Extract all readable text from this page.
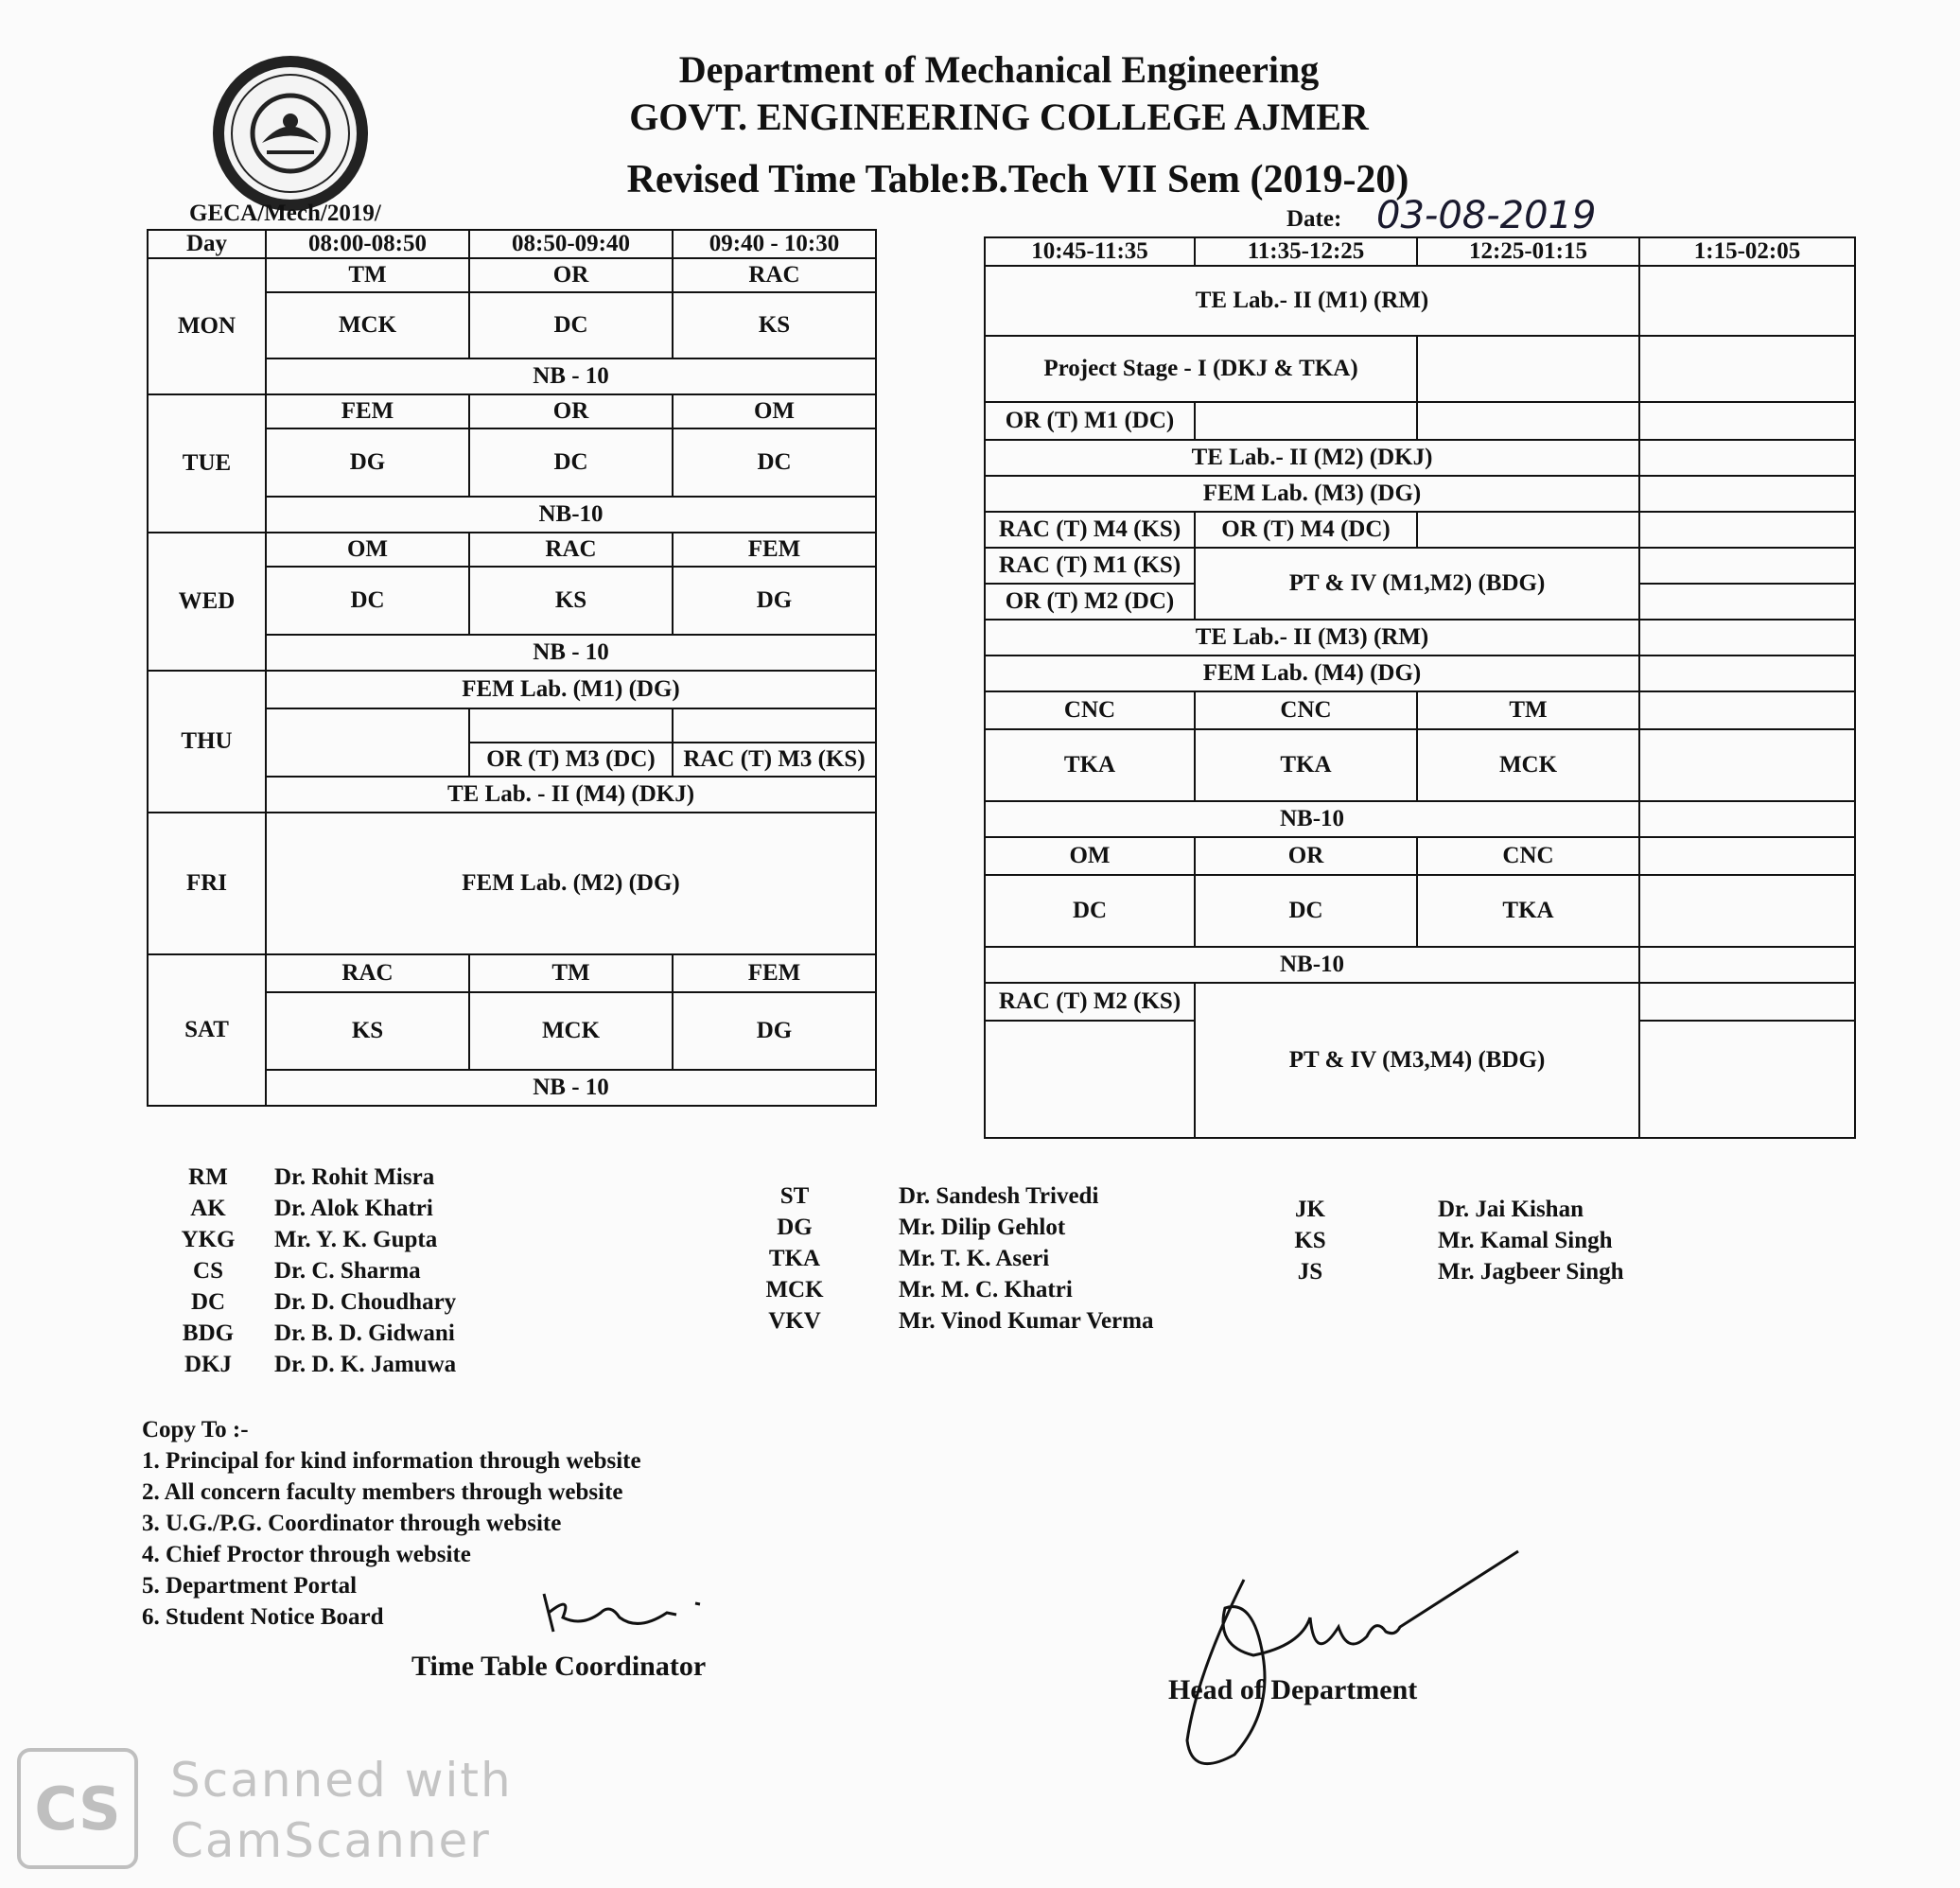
Department of Mechanical Engineering
GOVT. ENGINEERING COLLEGE AJMER
Revised Time Table:B.Tech VII Sem (2019-20)
GECA/Mech/2019/	Date: 03-08-2019
Day	08:00-08:50	08:50-09:40	09:40 - 10:30	
MON	TM	OR	RAC	
	MCK	DC	KS	
	NB - 10			
TUE	FEM	OR	OM	
	DG	DC	DC	
	NB-10			
WED	OM	RAC	FEM	
	DC	KS	DG	
	NB - 10			
THU	FEM Lab. (M1) (DG)			

		OR (T) M3 (DC)	RAC (T) M3 (KS)	
	TE Lab. - II (M4) (DKJ)			
FRI	FEM Lab. (M2) (DG)			
SAT	RAC	TM	FEM	
	KS	MCK	DG	
	NB - 10			
10:45-11:35	11:35-12:25	12:25-01:15	1:15-02:05
TE Lab.- II (M1) (RM)			
Project Stage - I (DKJ & TKA)			
OR (T) M1 (DC)			
TE Lab.- II (M2) (DKJ)			
FEM Lab. (M3) (DG)			
RAC (T) M4 (KS)	OR (T) M4 (DC)		
RAC (T) M1 (KS)	PT & IV (M1,M2) (BDG)		
OR (T) M2 (DC)			
TE Lab.- II (M3) (RM)			
FEM Lab. (M4) (DG)			
CNC	CNC	TM	
TKA	TKA	MCK	
NB-10			
OM	OR	CNC	
DC	DC	TKA	
NB-10			
RAC (T) M2 (KS)	PT & IV (M3,M4) (BDG)		

RM	Dr. Rohit Misra
AK	Dr. Alok Khatri
YKG	Mr. Y. K. Gupta
CS	Dr. C. Sharma
DC	Dr. D. Choudhary
BDG	Dr. B. D. Gidwani
DKJ	Dr. D. K. Jamuwa
ST	Dr. Sandesh Trivedi
DG	Mr. Dilip Gehlot
TKA	Mr. T. K. Aseri
MCK	Mr. M. C. Khatri
VKV	Mr. Vinod Kumar Verma
JK	Dr. Jai Kishan
KS	Mr. Kamal Singh
JS	Mr. Jagbeer Singh
Copy To :-
1. Principal for kind information through website
2. All concern faculty members through website
3. U.G./P.G. Coordinator through website
4. Chief Proctor through website
5. Department Portal
6. Student Notice Board
Time Table Coordinator
Head of Department
CS	Scanned with
CamScanner
